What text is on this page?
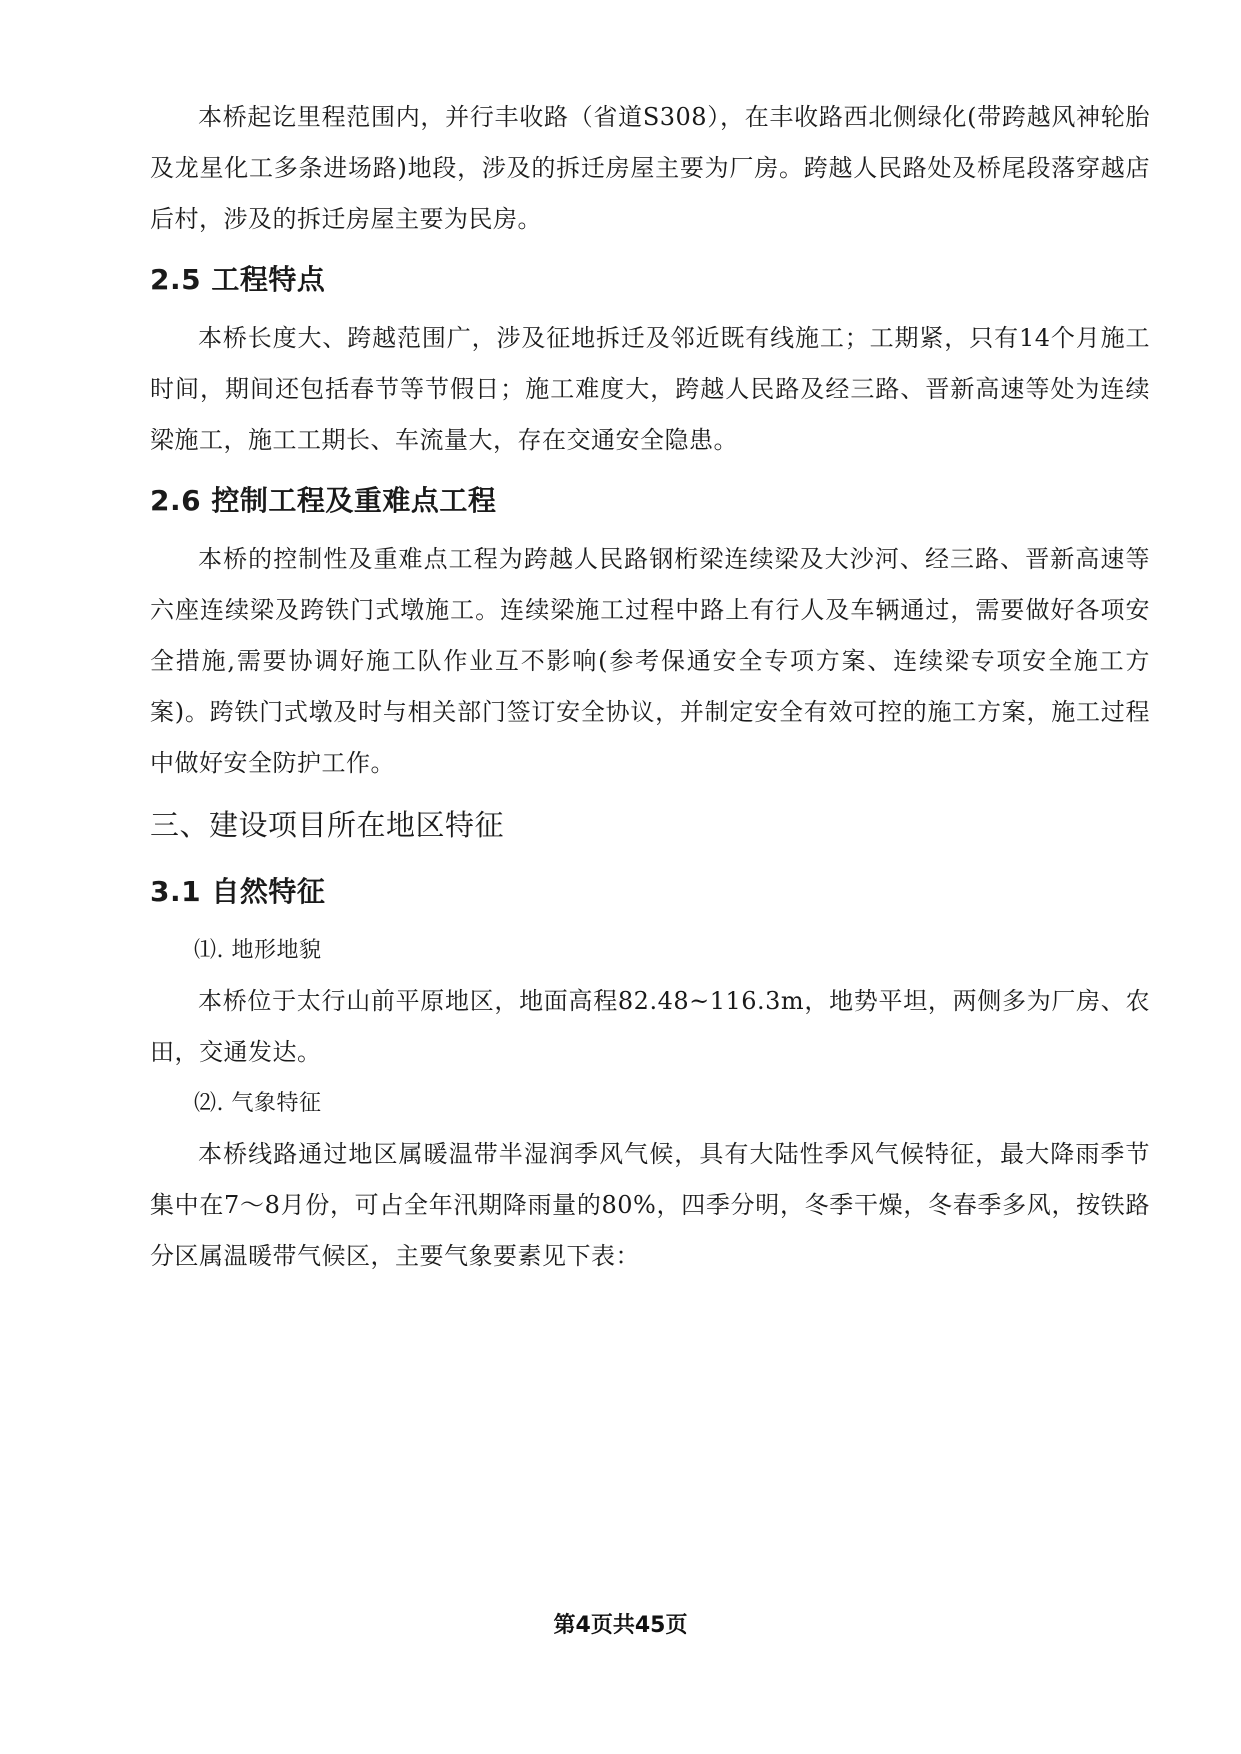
本桥起讫里程范围内，并行丰收路（省道S308），在丰收路西北侧绿化(带跨越风神轮胎及龙星化工多条进场路)地段，涉及的拆迁房屋主要为厂房。跨越人民路处及桥尾段落穿越店后村，涉及的拆迁房屋主要为民房。

2.5 工程特点

本桥长度大、跨越范围广，涉及征地拆迁及邻近既有线施工；工期紧，只有14个月施工时间，期间还包括春节等节假日；施工难度大，跨越人民路及经三路、晋新高速等处为连续梁施工，施工工期长、车流量大，存在交通安全隐患。

2.6 控制工程及重难点工程

本桥的控制性及重难点工程为跨越人民路钢桁梁连续梁及大沙河、经三路、晋新高速等六座连续梁及跨铁门式墩施工。连续梁施工过程中路上有行人及车辆通过，需要做好各项安全措施,需要协调好施工队作业互不影响(参考保通安全专项方案、连续梁专项安全施工方案)。跨铁门式墩及时与相关部门签订安全协议，并制定安全有效可控的施工方案，施工过程中做好安全防护工作。

三、建设项目所在地区特征
3.1 自然特征

⑴. 地形地貌

本桥位于太行山前平原地区，地面高程82.48~116.3m，地势平坦，两侧多为厂房、农田，交通发达。

⑵. 气象特征

本桥线路通过地区属暖温带半湿润季风气候，具有大陆性季风气候特征，最大降雨季节集中在7～8月份，可占全年汛期降雨量的80%，四季分明，冬季干燥，冬春季多风，按铁路分区属温暖带气候区，主要气象要素见下表：

第4页共45页
